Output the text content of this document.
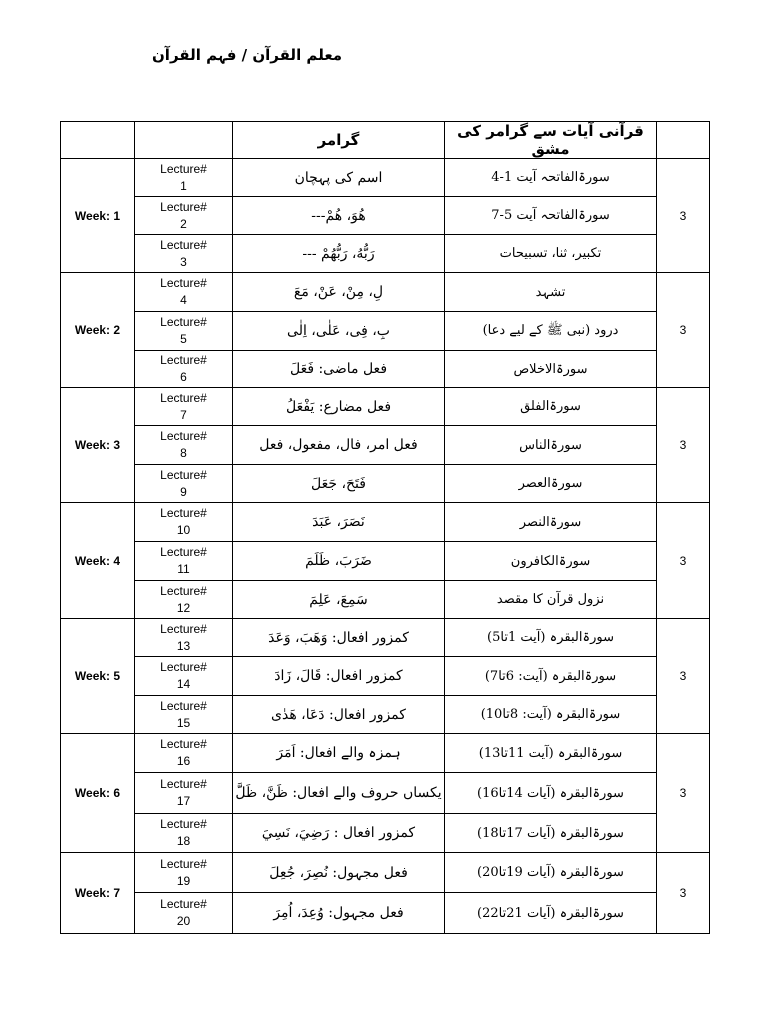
معلم القرآن / فہم القرآن
		گرامر	قرآنی آیات سے گرامر کی مشق	
Week: 1	Lecture#
1	اسم کی پہچان	سورۃالفاتحہ آیت 1-4	3

	Lecture#
2	هُوَ، هُمْ---	سورۃالفاتحہ آیت 5-7	

	Lecture#
3	رَبُّهُ، رَبُّهُمْ ---	تکبیر، ثنا، تسبیحات	
Week: 2	Lecture#
4	لِ، مِنْ، عَنْ، مَعَ	تشہد	3

	Lecture#
5	بِ، فِی، عَلٰی، اِلٰی	درود (نبی ﷺ کے لیے دعا)	

	Lecture#
6	فعل ماضی: فَعَلَ	سورۃالاخلاص	
Week: 3	Lecture#
7	فعل مضارع: يَفْعَلُ	سورۃالفلق	3

	Lecture#
8	فعل امر، فال، مفعول، فعل	سورۃالناس	

	Lecture#
9	فَتَحَ، جَعَلَ	سورۃالعصر	
Week: 4	Lecture#
10	نَصَرَ، عَبَدَ	سورۃالنصر	3

	Lecture#
11	ضَرَبَ، ظَلَمَ	سورۃالکافرون	

	Lecture#
12	سَمِعَ، عَلِمَ	نزول قرآن کا مقصد	
Week: 5	Lecture#
13	کمزور افعال: وَهَبَ، وَعَدَ	سورۃالبقرہ (آیت 1تا5)	3

	Lecture#
14	کمزور افعال: قَالَ، زَادَ	سورۃالبقرہ (آیت: 6تا7)	

	Lecture#
15	کمزور افعال: دَعَا، هَدٰی	سورۃالبقرہ (آیت: 8تا10)	
Week: 6	Lecture#
16	ہمزہ والے افعال: اَمَرَ	سورۃالبقرہ (آیت 11تا13)	3

	Lecture#
17	یکساں حروف والے افعال: ظَنَّ، ظَلَّ	سورۃالبقرہ (آیات 14تا16)	

	Lecture#
18	کمزور افعال : رَضِيَ، نَسِيَ	سورۃالبقرہ (آیات 17تا18)	
Week: 7	Lecture#
19	فعل مجہول: نُصِرَ، جُعِلَ	سورۃالبقرہ (آیات 19تا20)	3

	Lecture#
20	فعل مجہول: وُعِدَ، اُمِرَ	سورۃالبقرہ (آیات 21تا22)	
